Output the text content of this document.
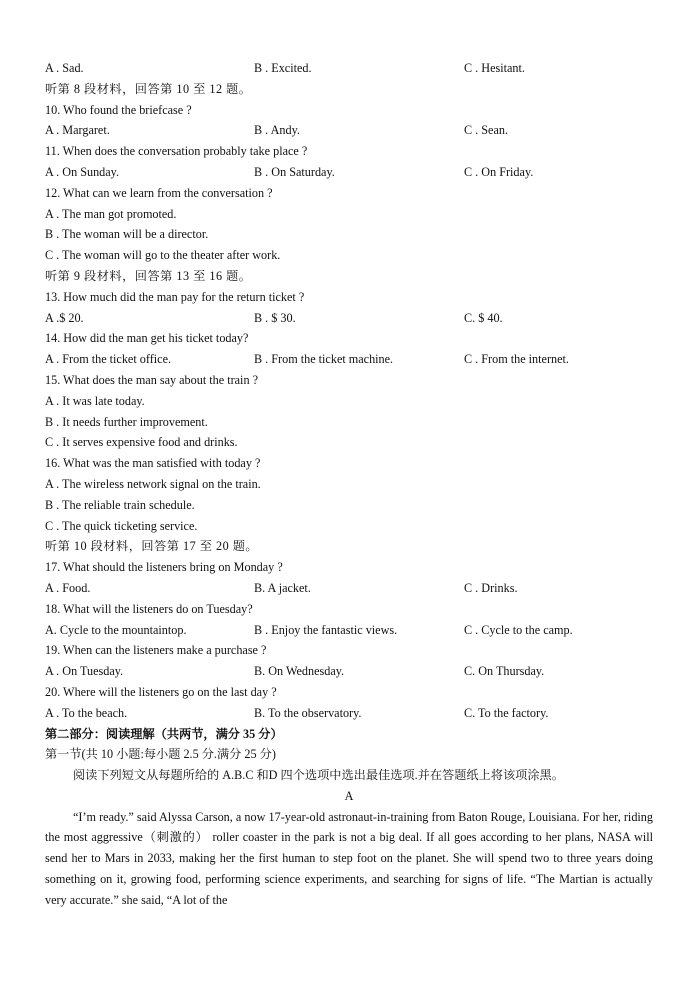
A . Sad.	B . Excited.	C . Hesitant.
听第 8 段材料，回答第 10 至 12 题。
10. Who found the briefcase ?
A . Margaret.	B . Andy.	C . Sean.
11. When does the conversation probably take place ?
A . On Sunday.	B . On Saturday.	C . On Friday.
12. What can we learn from the conversation ?
A . The man got promoted.
B . The woman will be a director.
C . The woman will go to the theater after work.
听第 9 段材料，回答第 13 至 16 题。
13. How much did the man pay for the return ticket ?
A .$ 20.	B . $ 30.	C. $ 40.
14. How did the man get his ticket today?
A . From the ticket office.	B . From the ticket machine.	C . From the internet.
15. What does the man say about the train ?
A . It was late today.
B . It needs further improvement.
C . It serves expensive food and drinks.
16. What was the man satisfied with today ?
A . The wireless network signal on the train.
B . The reliable train schedule.
C . The quick ticketing service.
听第 10 段材料，回答第 17 至 20 题。
17. What should the listeners bring on Monday ?
A . Food.	B. A jacket.	C . Drinks.
18. What will the listeners do on Tuesday?
A. Cycle to the mountaintop.	B . Enjoy the fantastic views.	C . Cycle to the camp.
19. When can the listeners make a purchase ?
A . On Tuesday.	B. On Wednesday.	C. On Thursday.
20. Where will the listeners go on the last day ?
A . To the beach.	B. To the observatory.	C. To the factory.
第二部分：阅读理解（共两节，满分 35 分）
第一节(共 10 小题:每小题 2.5 分.满分 25 分)
阅读下列短文从每题所给的 A.B.C 和D 四个选项中选出最佳选项.并在答题纸上将该项涂黑。
A

“I’m ready.” said Alyssa Carson, a now 17-year-old astronaut-in-training from Baton Rouge, Louisiana. For her, riding the most aggressive（刺激的） roller coaster in the park is not a big deal. If all goes according to her plans, NASA will send her to Mars in 2033, making her the first human to step foot on the planet. She will spend two to three years doing something on it, growing food, performing science experiments, and searching for signs of life. “The Martian is actually very accurate.” she said, “A lot of the
